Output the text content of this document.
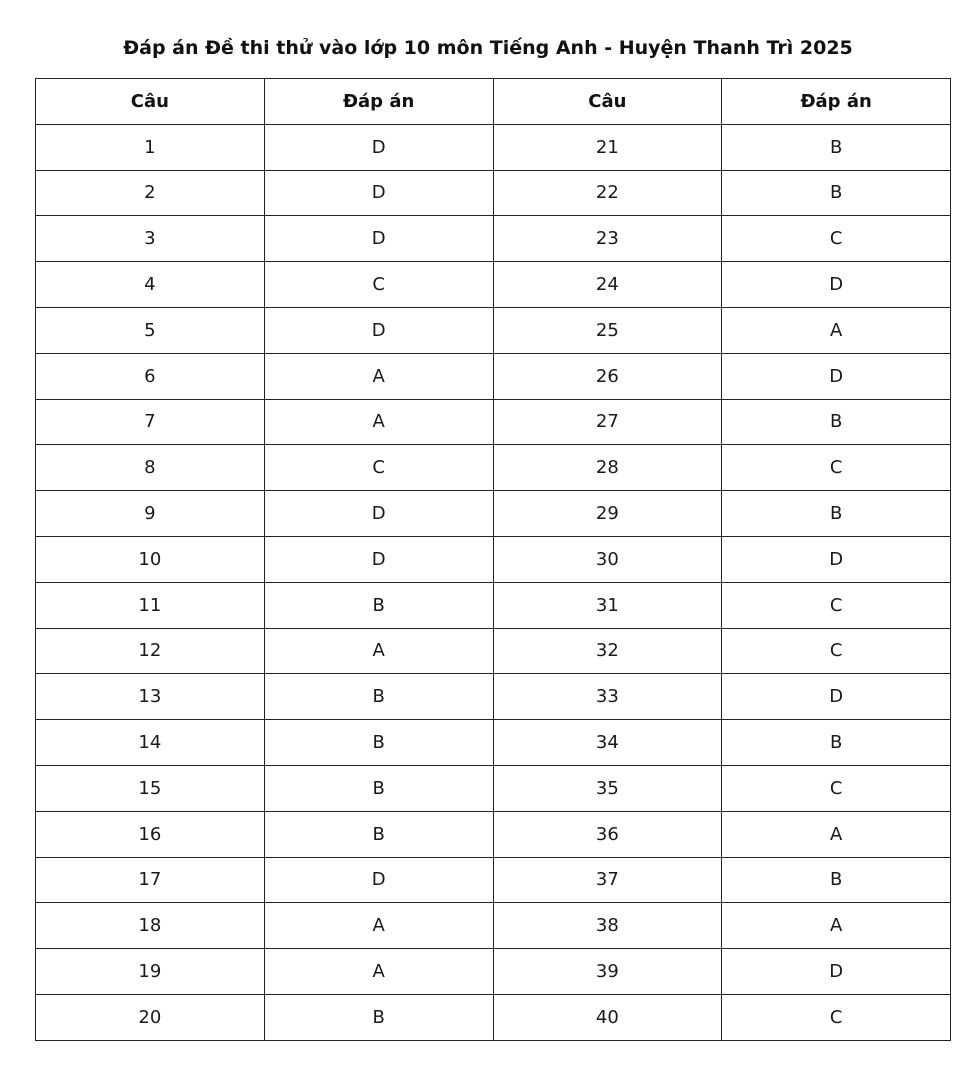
Đáp án Đề thi thử vào lớp 10 môn Tiếng Anh - Huyện Thanh Trì 2025
Câu	Đáp án	Câu	Đáp án
1	D	21	B
2	D	22	B
3	D	23	C
4	C	24	D
5	D	25	A
6	A	26	D
7	A	27	B
8	C	28	C
9	D	29	B
10	D	30	D
11	B	31	C
12	A	32	C
13	B	33	D
14	B	34	B
15	B	35	C
16	B	36	A
17	D	37	B
18	A	38	A
19	A	39	D
20	B	40	C
